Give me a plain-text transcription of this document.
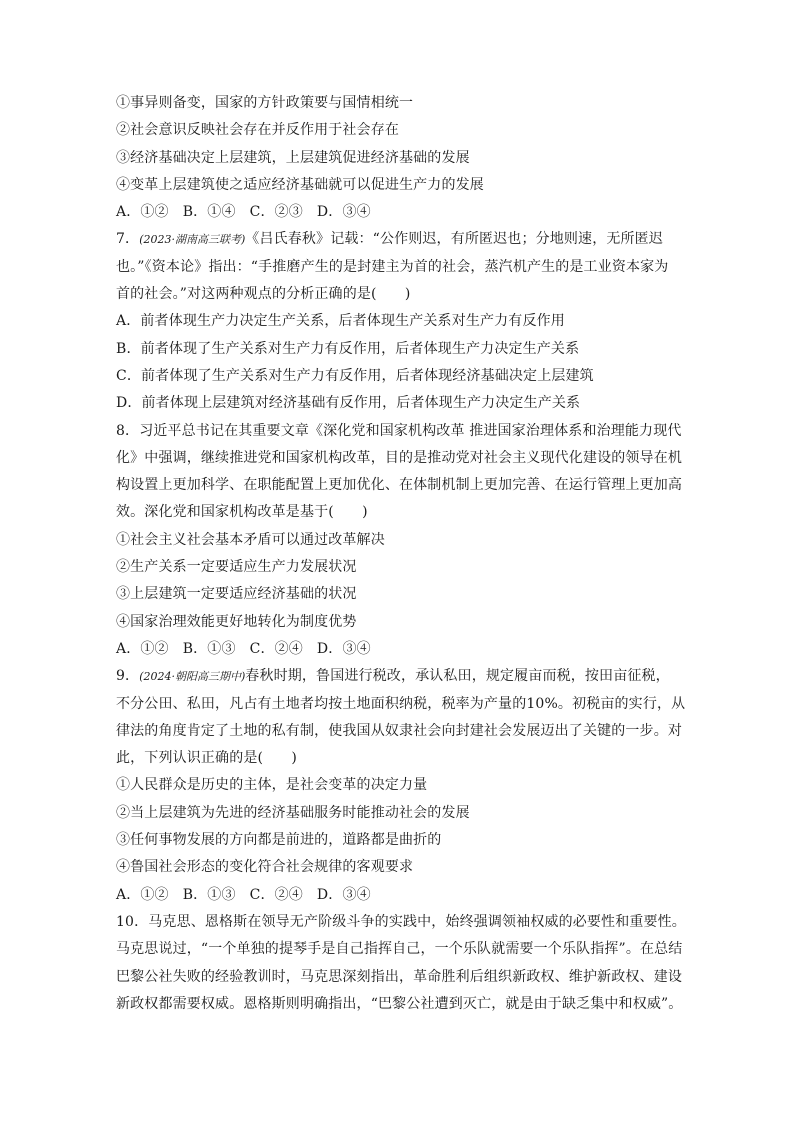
①事异则备变，国家的方针政策要与国情相统一
②社会意识反映社会存在并反作用于社会存在
③经济基础决定上层建筑，上层建筑促进经济基础的发展
④变革上层建筑使之适应经济基础就可以促进生产力的发展
A．①② B．①④ C．②③ D．③④
7．(2023·湖南高三联考)《吕氏春秋》记载：“公作则迟，有所匿迟也；分地则速，无所匿迟
也。”《资本论》指出：“手推磨产生的是封建主为首的社会，蒸汽机产生的是工业资本家为
首的社会。”对这两种观点的分析正确的是(　　)
A．前者体现生产力决定生产关系，后者体现生产关系对生产力有反作用
B．前者体现了生产关系对生产力有反作用，后者体现生产力决定生产关系
C．前者体现了生产关系对生产力有反作用，后者体现经济基础决定上层建筑
D．前者体现上层建筑对经济基础有反作用，后者体现生产力决定生产关系
8．习近平总书记在其重要文章《深化党和国家机构改革 推进国家治理体系和治理能力现代
化》中强调，继续推进党和国家机构改革，目的是推动党对社会主义现代化建设的领导在机
构设置上更加科学、在职能配置上更加优化、在体制机制上更加完善、在运行管理上更加高
效。深化党和国家机构改革是基于(　　)
①社会主义社会基本矛盾可以通过改革解决
②生产关系一定要适应生产力发展状况
③上层建筑一定要适应经济基础的状况
④国家治理效能更好地转化为制度优势
A．①② B．①③ C．②④ D．③④
9．(2024·朝阳高三期中)春秋时期，鲁国进行税改，承认私田，规定履亩而税，按田亩征税，
不分公田、私田，凡占有土地者均按土地面积纳税，税率为产量的10%。初税亩的实行，从
律法的角度肯定了土地的私有制，使我国从奴隶社会向封建社会发展迈出了关键的一步。对
此，下列认识正确的是(　　)
①人民群众是历史的主体，是社会变革的决定力量
②当上层建筑为先进的经济基础服务时能推动社会的发展
③任何事物发展的方向都是前进的，道路都是曲折的
④鲁国社会形态的变化符合社会规律的客观要求
A．①② B．①③ C．②④ D．③④
10．马克思、恩格斯在领导无产阶级斗争的实践中，始终强调领袖权威的必要性和重要性。
马克思说过，“一个单独的提琴手是自己指挥自己，一个乐队就需要一个乐队指挥”。在总结
巴黎公社失败的经验教训时，马克思深刻指出，革命胜利后组织新政权、维护新政权、建设
新政权都需要权威。恩格斯则明确指出，“巴黎公社遭到灭亡，就是由于缺乏集中和权威”。
